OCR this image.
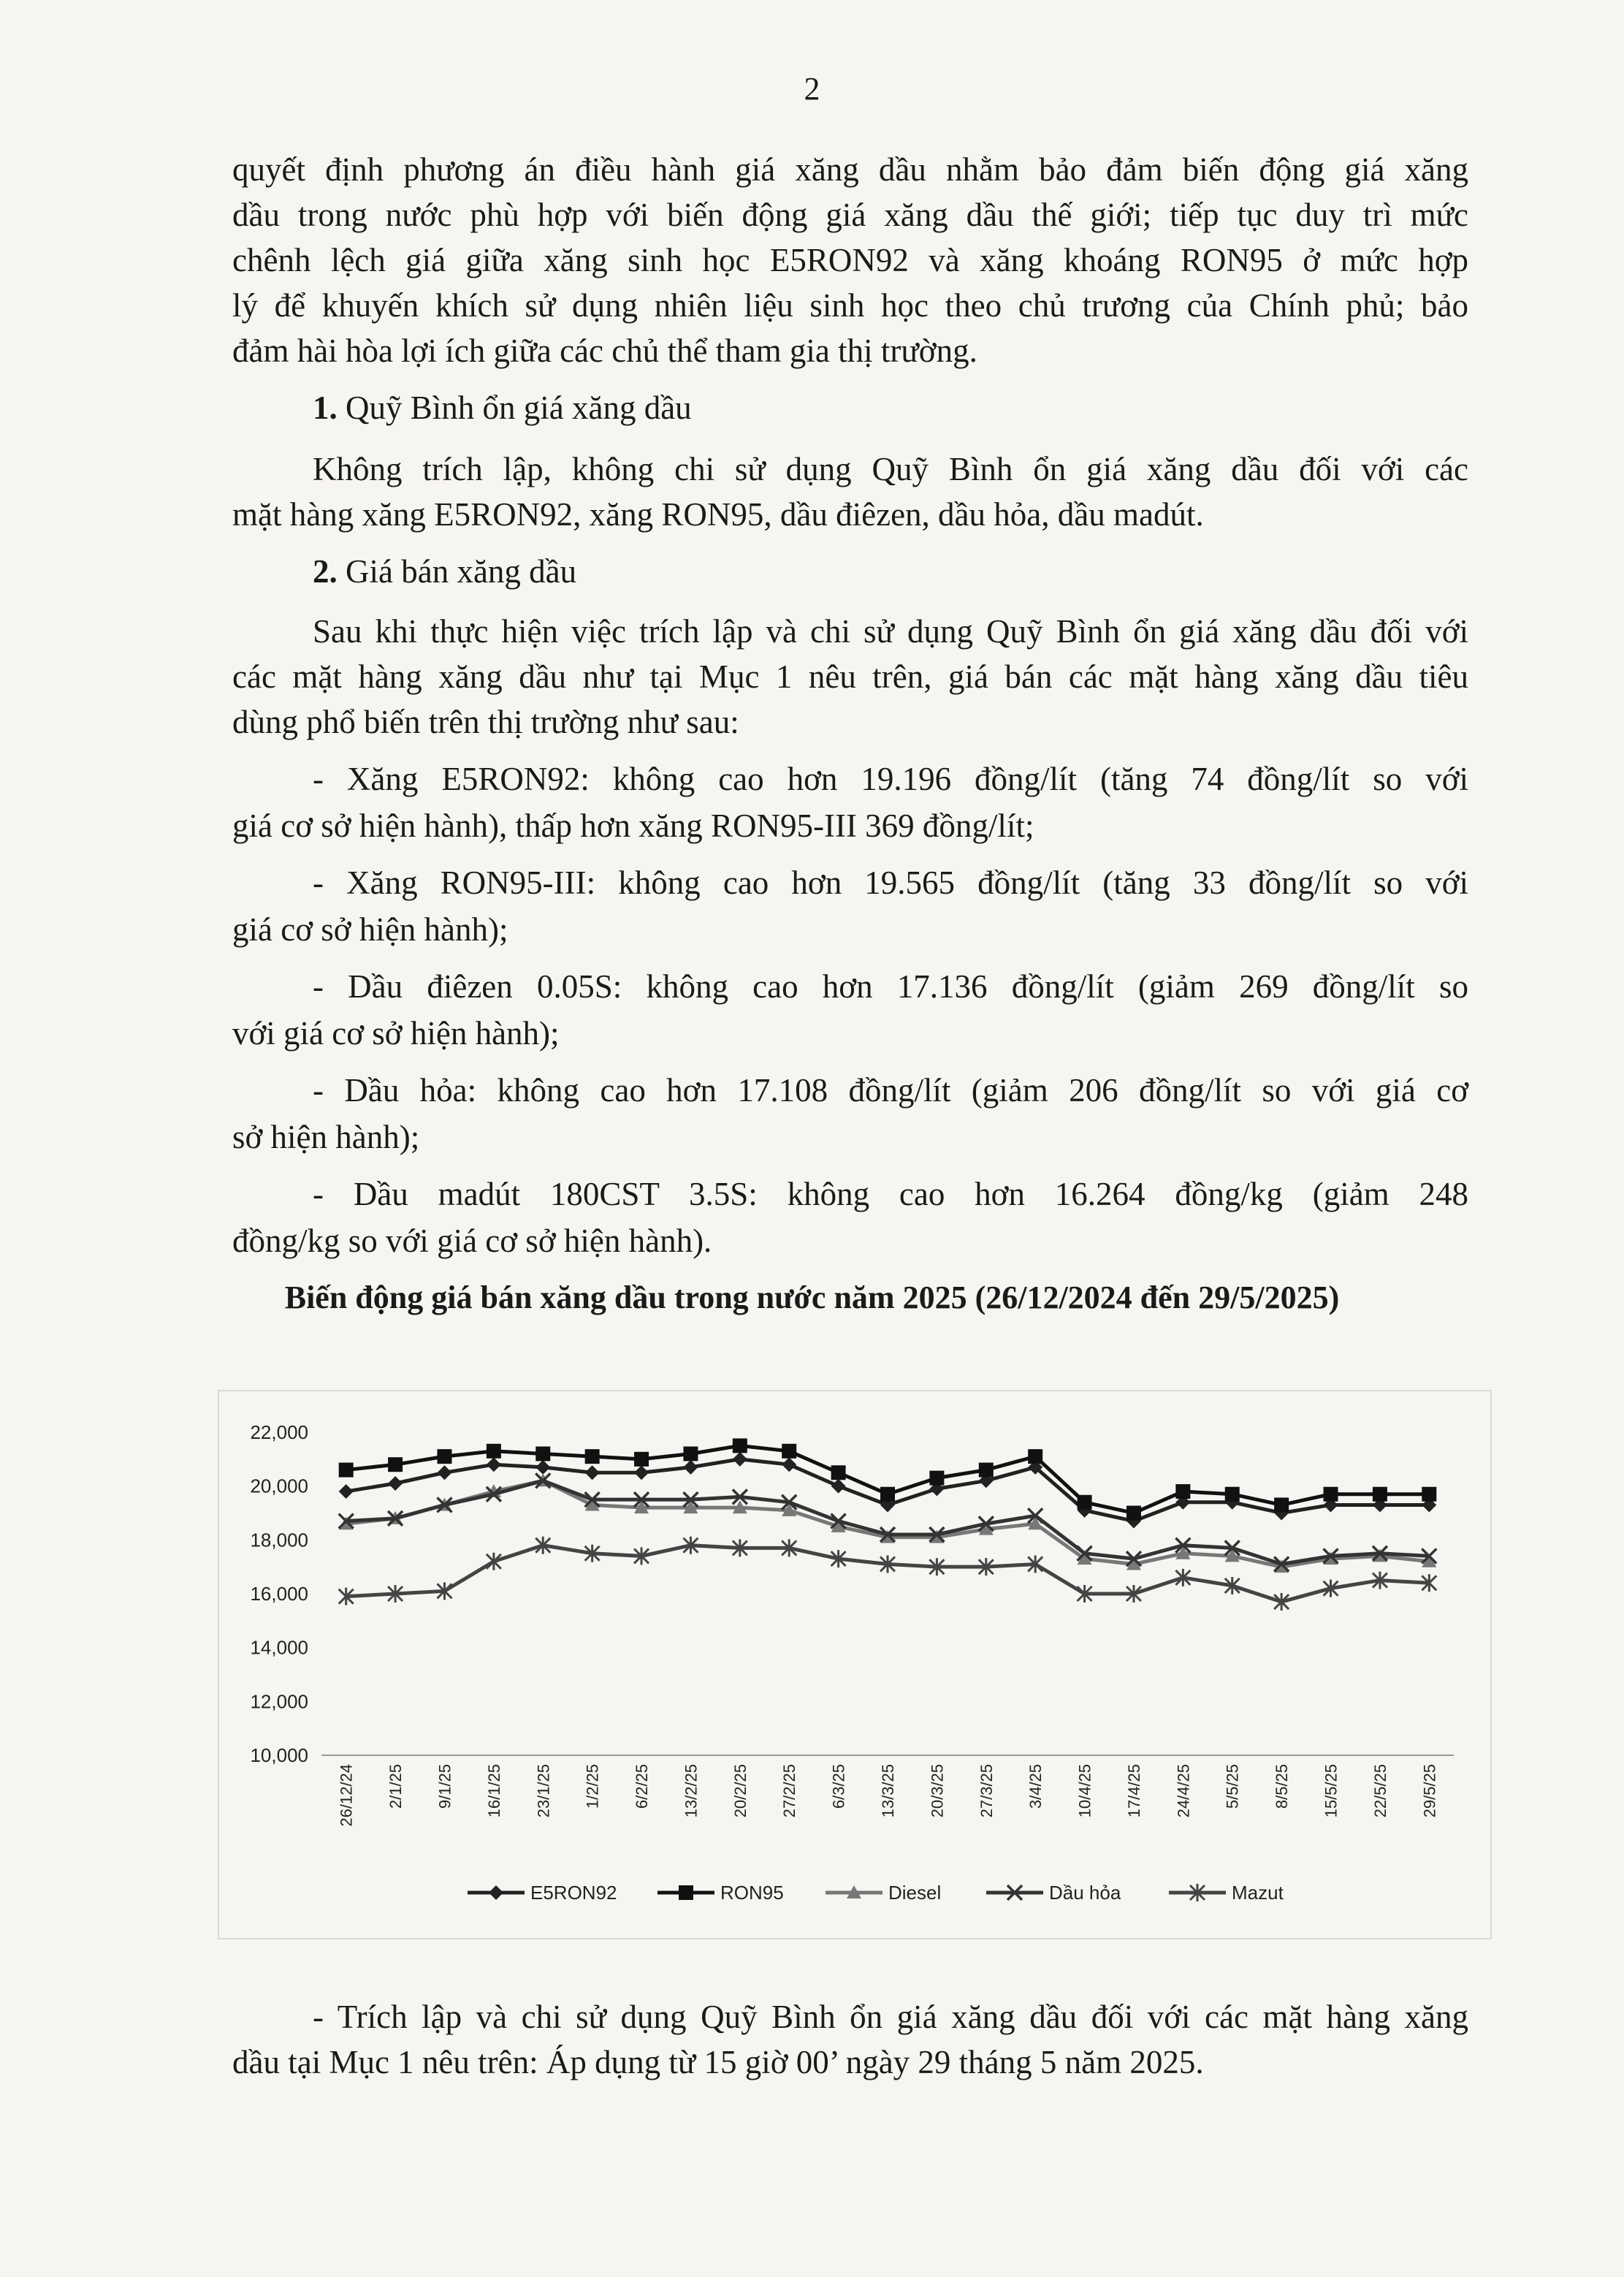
2
quyết định phương án điều hành giá xăng dầu nhằm bảo đảm biến động giá xăng
dầu trong nước phù hợp với biến động giá xăng dầu thế giới; tiếp tục duy trì mức
chênh lệch giá giữa xăng sinh học E5RON92 và xăng khoáng RON95 ở mức hợp
lý để khuyến khích sử dụng nhiên liệu sinh học theo chủ trương của Chính phủ; bảo
đảm hài hòa lợi ích giữa các chủ thể tham gia thị trường.
1. Quỹ Bình ổn giá xăng dầu
Không trích lập, không chi sử dụng Quỹ Bình ổn giá xăng dầu đối với các
mặt hàng xăng E5RON92, xăng RON95, dầu điêzen, dầu hỏa, dầu madút.
2. Giá bán xăng dầu
Sau khi thực hiện việc trích lập và chi sử dụng Quỹ Bình ổn giá xăng dầu đối với
các mặt hàng xăng dầu như tại Mục 1 nêu trên, giá bán các mặt hàng xăng dầu tiêu
dùng phổ biến trên thị trường như sau:
- Xăng E5RON92: không cao hơn 19.196 đồng/lít (tăng 74 đồng/lít so với
giá cơ sở hiện hành), thấp hơn xăng RON95-III 369 đồng/lít;
- Xăng RON95-III: không cao hơn 19.565 đồng/lít (tăng 33 đồng/lít so với
giá cơ sở hiện hành);
- Dầu điêzen 0.05S: không cao hơn 17.136 đồng/lít (giảm 269 đồng/lít so
với giá cơ sở hiện hành);
- Dầu hỏa: không cao hơn 17.108 đồng/lít (giảm 206 đồng/lít so với giá cơ
sở hiện hành);
- Dầu madút 180CST 3.5S: không cao hơn 16.264 đồng/kg (giảm 248
đồng/kg so với giá cơ sở hiện hành).
Biến động giá bán xăng dầu trong nước năm 2025 (26/12/2024 đến 29/5/2025)
10,000
12,000
14,000
16,000
18,000
20,000
22,000
26/12/24 2/1/25 9/1/25 16/1/25 23/1/25 1/2/25 6/2/25 13/2/25 20/2/25 27/2/25 6/3/25 13/3/25 20/3/25 27/3/25 3/4/25 10/4/25 17/4/25 24/4/25 5/5/25 8/5/25 15/5/25 22/5/25 29/5/25
E5RON92	RON95	Diesel	Dầu hỏa	Mazut
- Trích lập và chi sử dụng Quỹ Bình ổn giá xăng dầu đối với các mặt hàng xăng
dầu tại Mục 1 nêu trên: Áp dụng từ 15 giờ 00’ ngày 29 tháng 5 năm 2025.
